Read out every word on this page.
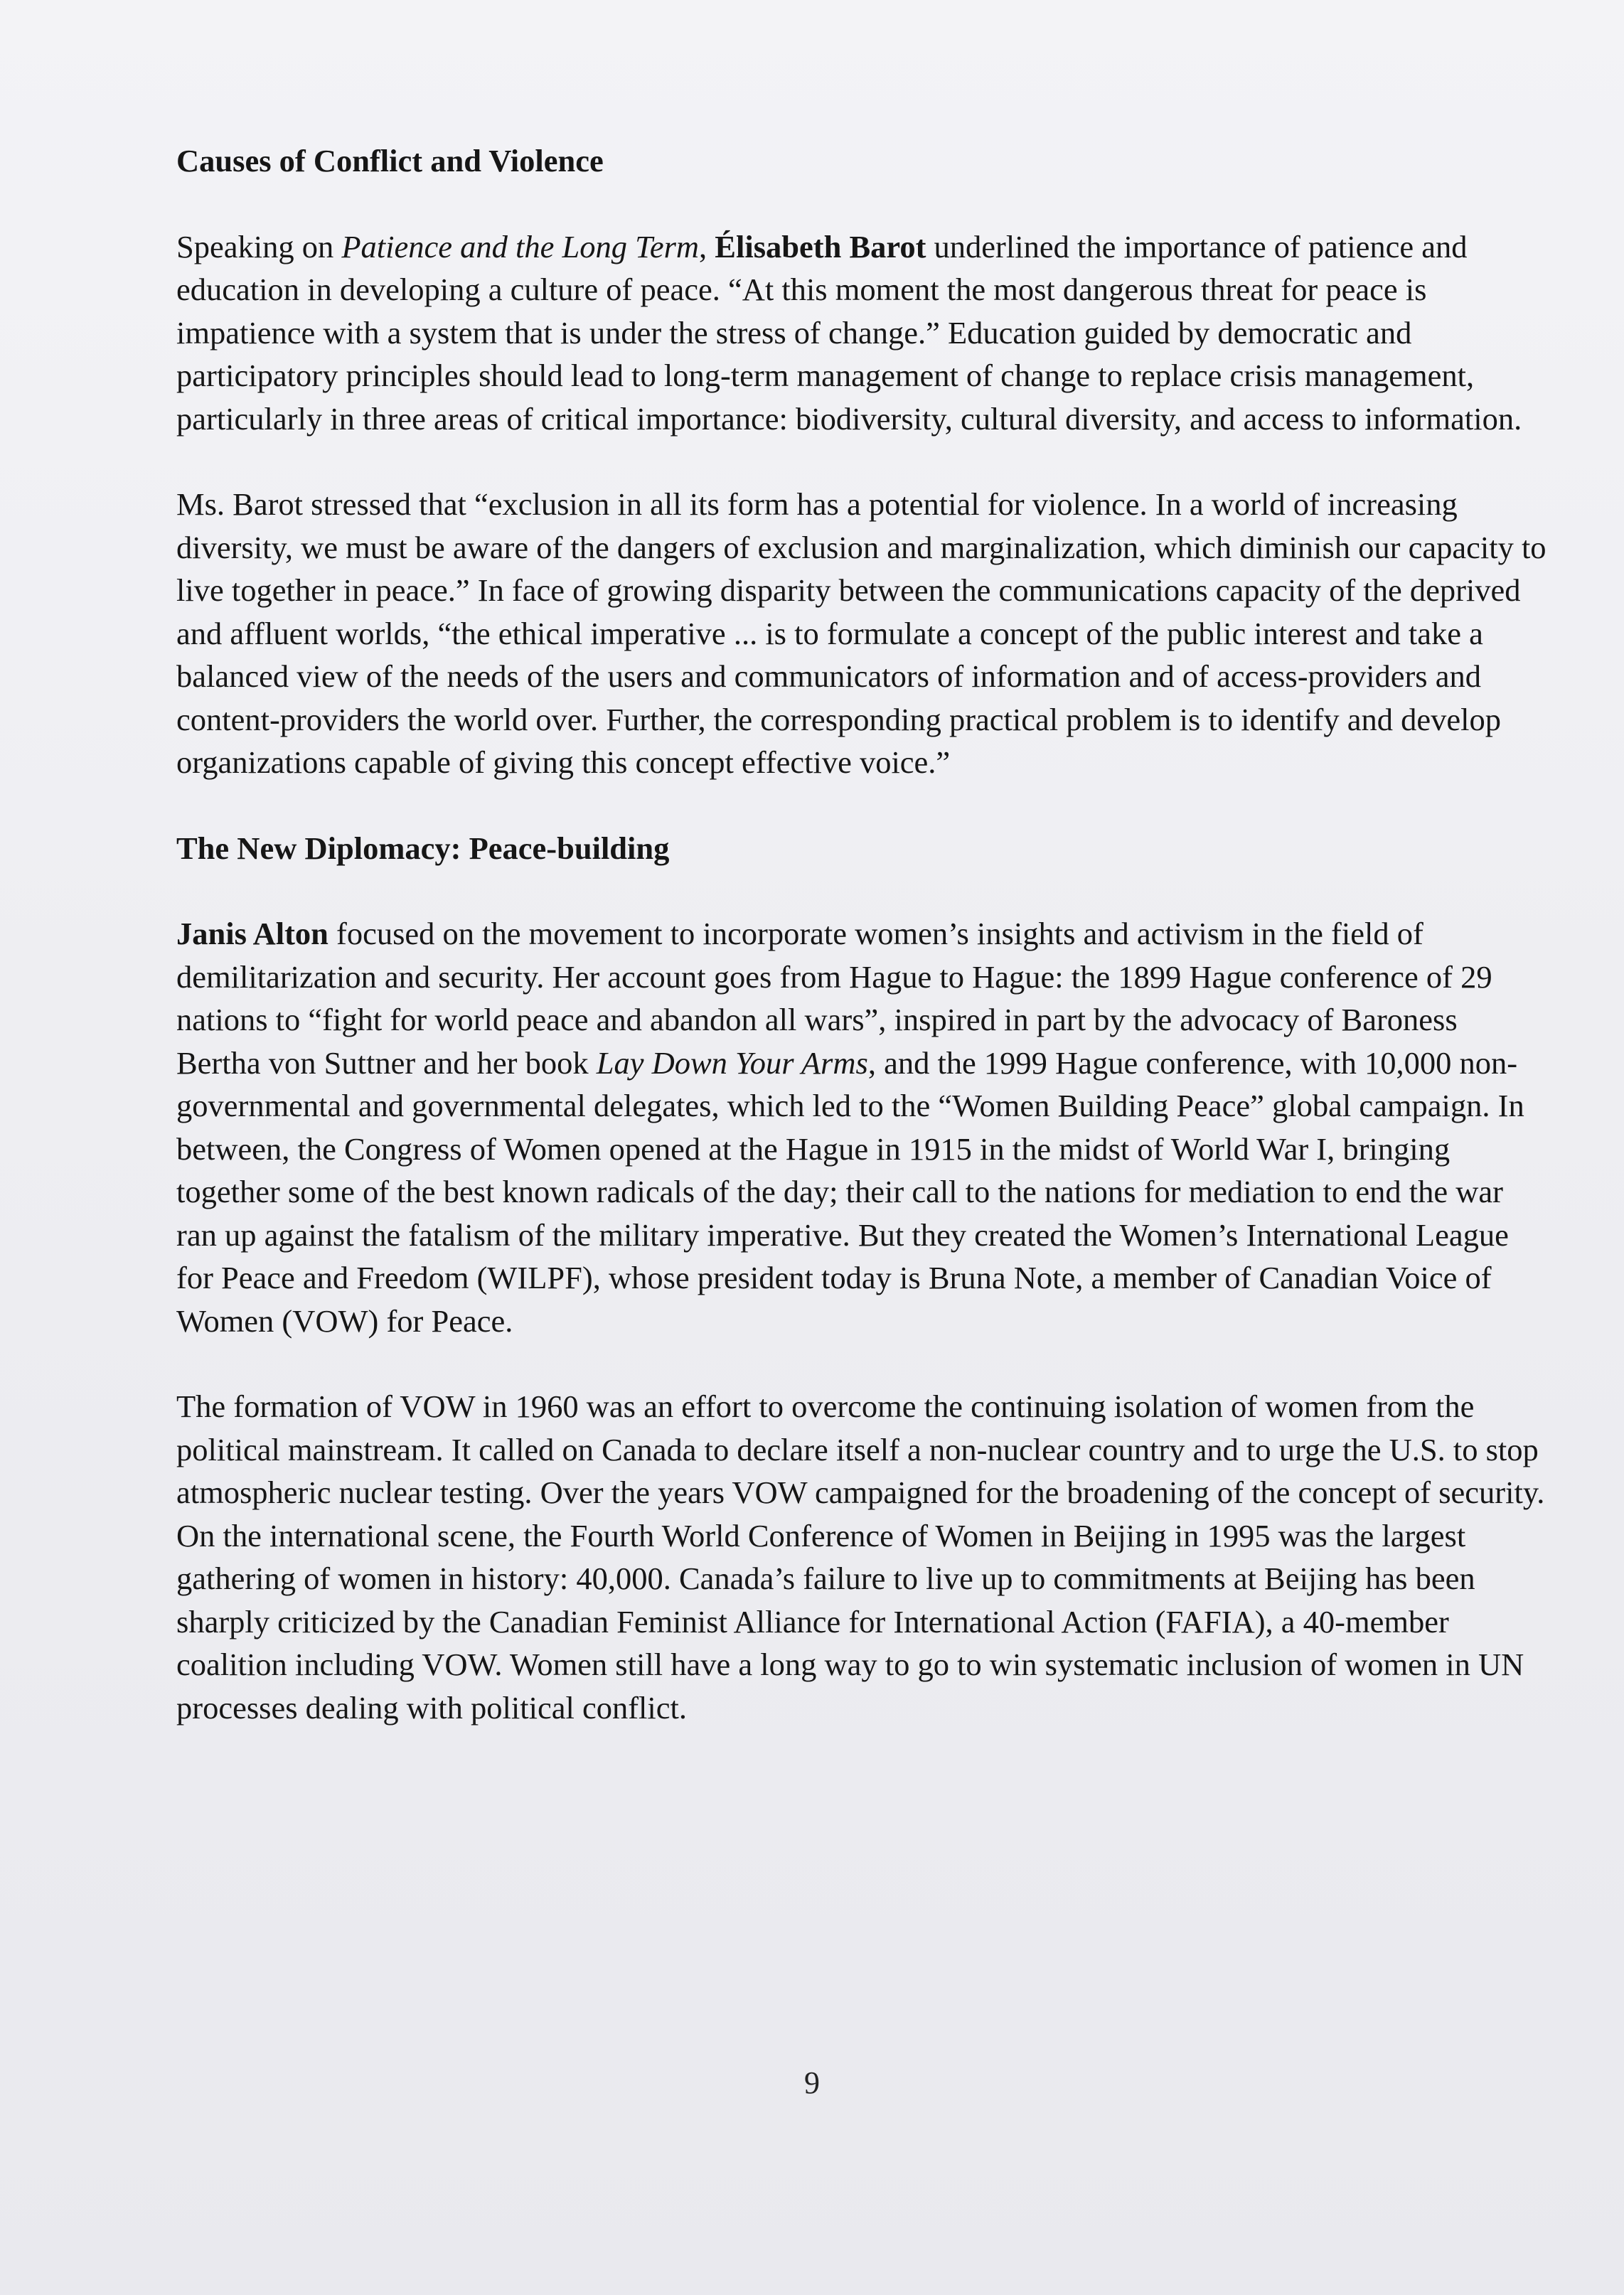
Causes of Conflict and Violence

Speaking on Patience and the Long Term, Élisabeth Barot underlined the importance of patience and education in developing a culture of peace. “At this moment the most dangerous threat for peace is impatience with a system that is under the stress of change.” Education guided by democratic and participatory principles should lead to long-term management of change to replace crisis management, particularly in three areas of critical importance: biodiversity, cultural diversity, and access to information.

Ms. Barot stressed that “exclusion in all its form has a potential for violence. In a world of increasing diversity, we must be aware of the dangers of exclusion and marginalization, which diminish our capacity to live together in peace.” In face of growing disparity between the communications capacity of the deprived and affluent worlds, “the ethical imperative ... is to formulate a concept of the public interest and take a balanced view of the needs of the users and communicators of information and of access-providers and content-providers the world over. Further, the corresponding practical problem is to identify and develop organizations capable of giving this concept effective voice.”

The New Diplomacy: Peace-building

Janis Alton focused on the movement to incorporate women’s insights and activism in the field of demilitarization and security. Her account goes from Hague to Hague: the 1899 Hague conference of 29 nations to “fight for world peace and abandon all wars”, inspired in part by the advocacy of Baroness Bertha von Suttner and her book Lay Down Your Arms, and the 1999 Hague conference, with 10,000 non-governmental and governmental delegates, which led to the “Women Building Peace” global campaign. In between, the Congress of Women opened at the Hague in 1915 in the midst of World War I, bringing together some of the best known radicals of the day; their call to the nations for mediation to end the war ran up against the fatalism of the military imperative. But they created the Women’s International League for Peace and Freedom (WILPF), whose president today is Bruna Note, a member of Canadian Voice of Women (VOW) for Peace.

The formation of VOW in 1960 was an effort to overcome the continuing isolation of women from the political mainstream. It called on Canada to declare itself a non-nuclear country and to urge the U.S. to stop atmospheric nuclear testing. Over the years VOW campaigned for the broadening of the concept of security. On the international scene, the Fourth World Conference of Women in Beijing in 1995 was the largest gathering of women in history: 40,000. Canada’s failure to live up to commitments at Beijing has been sharply criticized by the Canadian Feminist Alliance for International Action (FAFIA), a 40-member coalition including VOW. Women still have a long way to go to win systematic inclusion of women in UN processes dealing with political conflict.

9
